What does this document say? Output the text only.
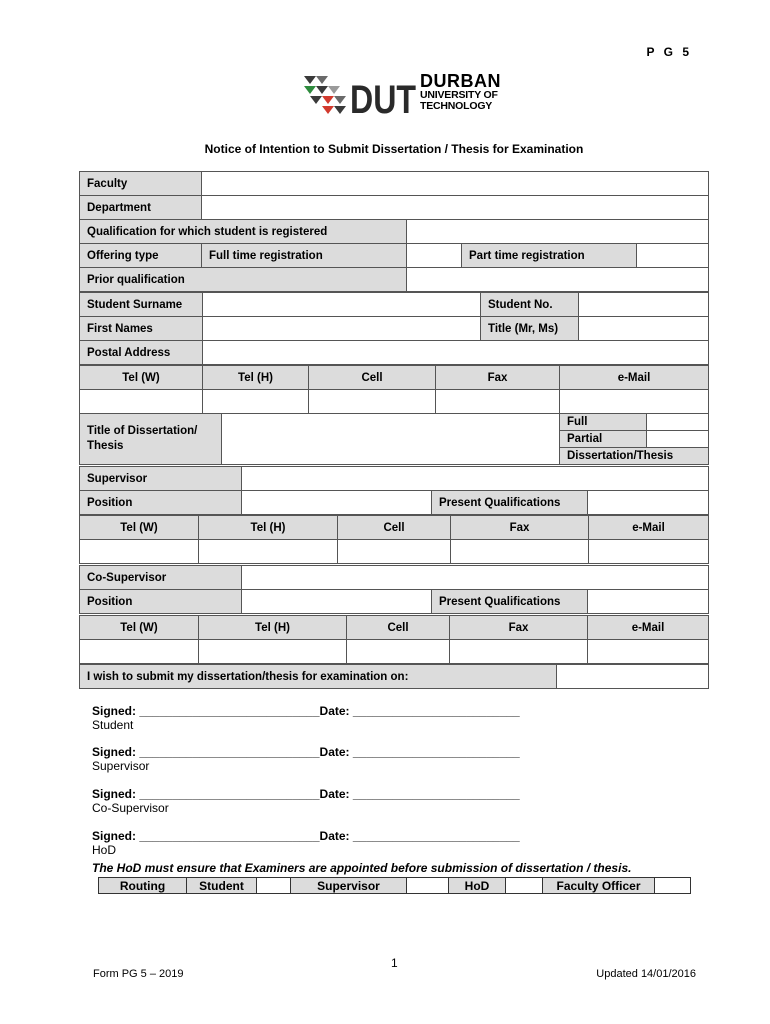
P G 5
DUT DURBAN
UNIVERSITY OF
TECHNOLOGY
Notice of Intention to Submit Dissertation / Thesis for Examination
Faculty				
Department				
Qualification for which student is registered				
Offering type	Full time registration		Part time registration	
Prior qualification				
Student Surname		Student No.	
First Names		Title (Mr, Ms)	
Postal Address			
Tel (W)	Tel (H)	Cell	Fax	e-Mail

Title of Dissertation/ Thesis		Full	
		Partial	
		Dissertation/Thesis	
Supervisor			
Position		Present Qualifications	
Tel (W)	Tel (H)	Cell	Fax	e-Mail

Co-Supervisor			
Position		Present Qualifications	
Tel (W)	Tel (H)	Cell	Fax	e-Mail

I wish to submit my dissertation/thesis for examination on:	
Signed: ___________________________Date: _________________________
Student
Signed: ___________________________Date: _________________________
Supervisor
Signed: ___________________________Date: _________________________
Co-Supervisor
Signed: ___________________________Date: _________________________
HoD
The HoD must ensure that Examiners are appointed before submission of dissertation / thesis.
Routing	Student		Supervisor		HoD		Faculty Officer	
1
Form PG 5 – 2019	Updated 14/01/2016
